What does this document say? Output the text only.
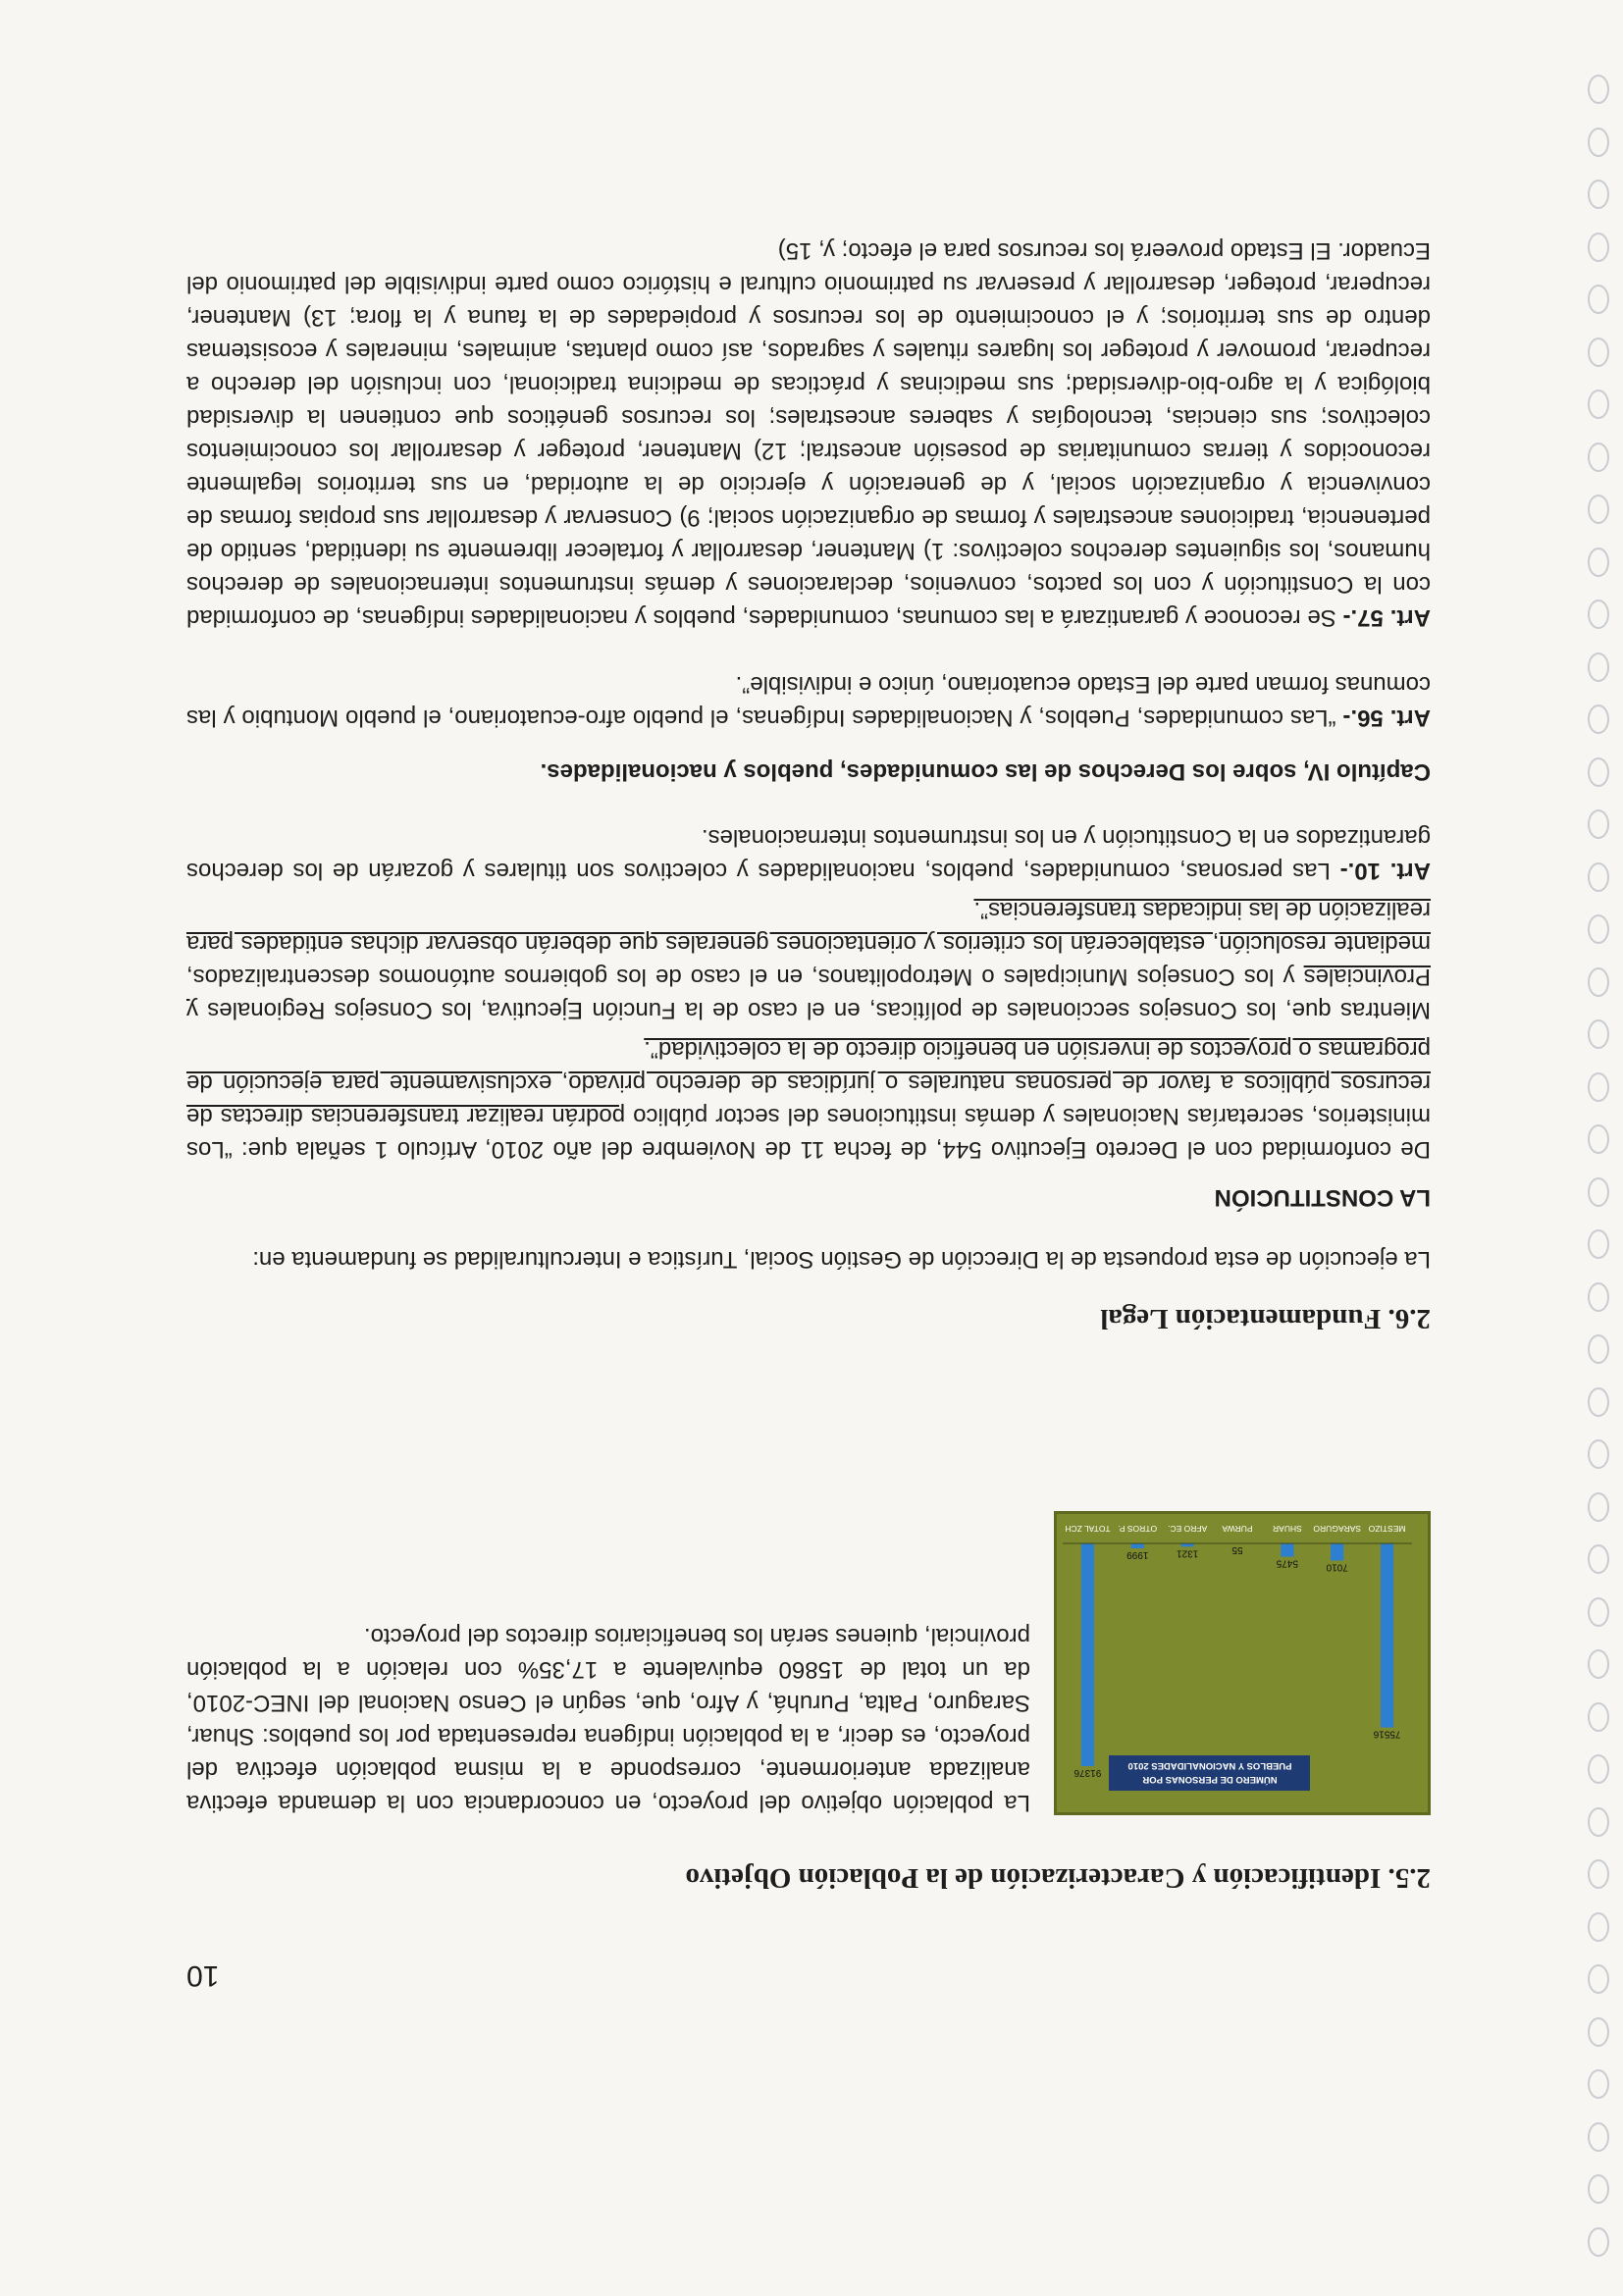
10
2.5. Identificación y Caracterización de la Población Objetivo
NÚMERO DE PERSONAS POR
PUEBLOS Y NACIONALIDADES 2010
75516
MESTIZO
7010
SARAGURO
5475
SHUAR
55
PURWA
1321
AFRO EC.
1999
OTROS P.
91376
TOTAL ZCH

La población objetivo del proyecto, en concordancia con la demanda efectiva analizada anteriormente, corresponde a la misma población efectiva del proyecto, es decir, a la población indígena representada por los pueblos: Shuar, Saraguro, Palta, Puruhá, y Afro, que, según el Censo Nacional del INEC-2010, da un total de 15860 equivalente a 17,35% con relación a la población provincial, quienes serán los beneficiarios directos del proyecto.

2.6. Fundamentación Legal

La ejecución de esta propuesta de la Dirección de Gestión Social, Turística e Interculturalidad se fundamenta en:

LA CONSTITUCIÓN

De conformidad con el Decreto Ejecutivo 544, de fecha 11 de Noviembre del año 2010, Artículo 1 señala que: “Los ministerios, secretarías Nacionales y demás instituciones del sector público podrán realizar transferencias directas de recursos públicos a favor de personas naturales o jurídicas de derecho privado, exclusivamente para ejecución de programas o proyectos de inversión en beneficio directo de la colectividad”.

Mientras que, los Consejos seccionales de políticas, en el caso de la Función Ejecutiva, los Consejos Regionales y Provinciales y los Consejos Municipales o Metropolitanos, en el caso de los gobiernos autónomos descentralizados, mediante resolución, establecerán los criterios y orientaciones generales que deberán observar dichas entidades para realización de las indicadas transferencias”.

Art. 10.- Las personas, comunidades, pueblos, nacionalidades y colectivos son titulares y gozarán de los derechos garantizados en la Constitución y en los instrumentos internacionales.

Capítulo IV, sobre los Derechos de las comunidades, pueblos y nacionalidades.

Art. 56.- “Las comunidades, Pueblos, y Nacionalidades Indígenas, el pueblo afro-ecuatoriano, el pueblo Montubio y las comunas forman parte del Estado ecuatoriano, único e indivisible”.

Art. 57.- Se reconoce y garantizará a las comunas, comunidades, pueblos y nacionalidades indígenas, de conformidad con la Constitución y con los pactos, convenios, declaraciones y demás instrumentos internacionales de derechos humanos, los siguientes derechos colectivos: 1) Mantener, desarrollar y fortalecer libremente su identidad, sentido de pertenencia, tradiciones ancestrales y formas de organización social; 9) Conservar y desarrollar sus propias formas de convivencia y organización social, y de generación y ejercicio de la autoridad, en sus territorios legalmente reconocidos y tierras comunitarias de posesión ancestral; 12) Mantener, proteger y desarrollar los conocimientos colectivos; sus ciencias, tecnologías y saberes ancestrales; los recursos genéticos que contienen la diversidad biológica y la agro-bio-diversidad; sus medicinas y prácticas de medicina tradicional, con inclusión del derecho a recuperar, promover y proteger los lugares rituales y sagrados, así como plantas, animales, minerales y ecosistemas dentro de sus territorios; y el conocimiento de los recursos y propiedades de la fauna y la flora; 13) Mantener, recuperar, proteger, desarrollar y preservar su patrimonio cultural e histórico como parte indivisible del patrimonio del Ecuador. El Estado proveerá los recursos para el efecto; y, 15)
